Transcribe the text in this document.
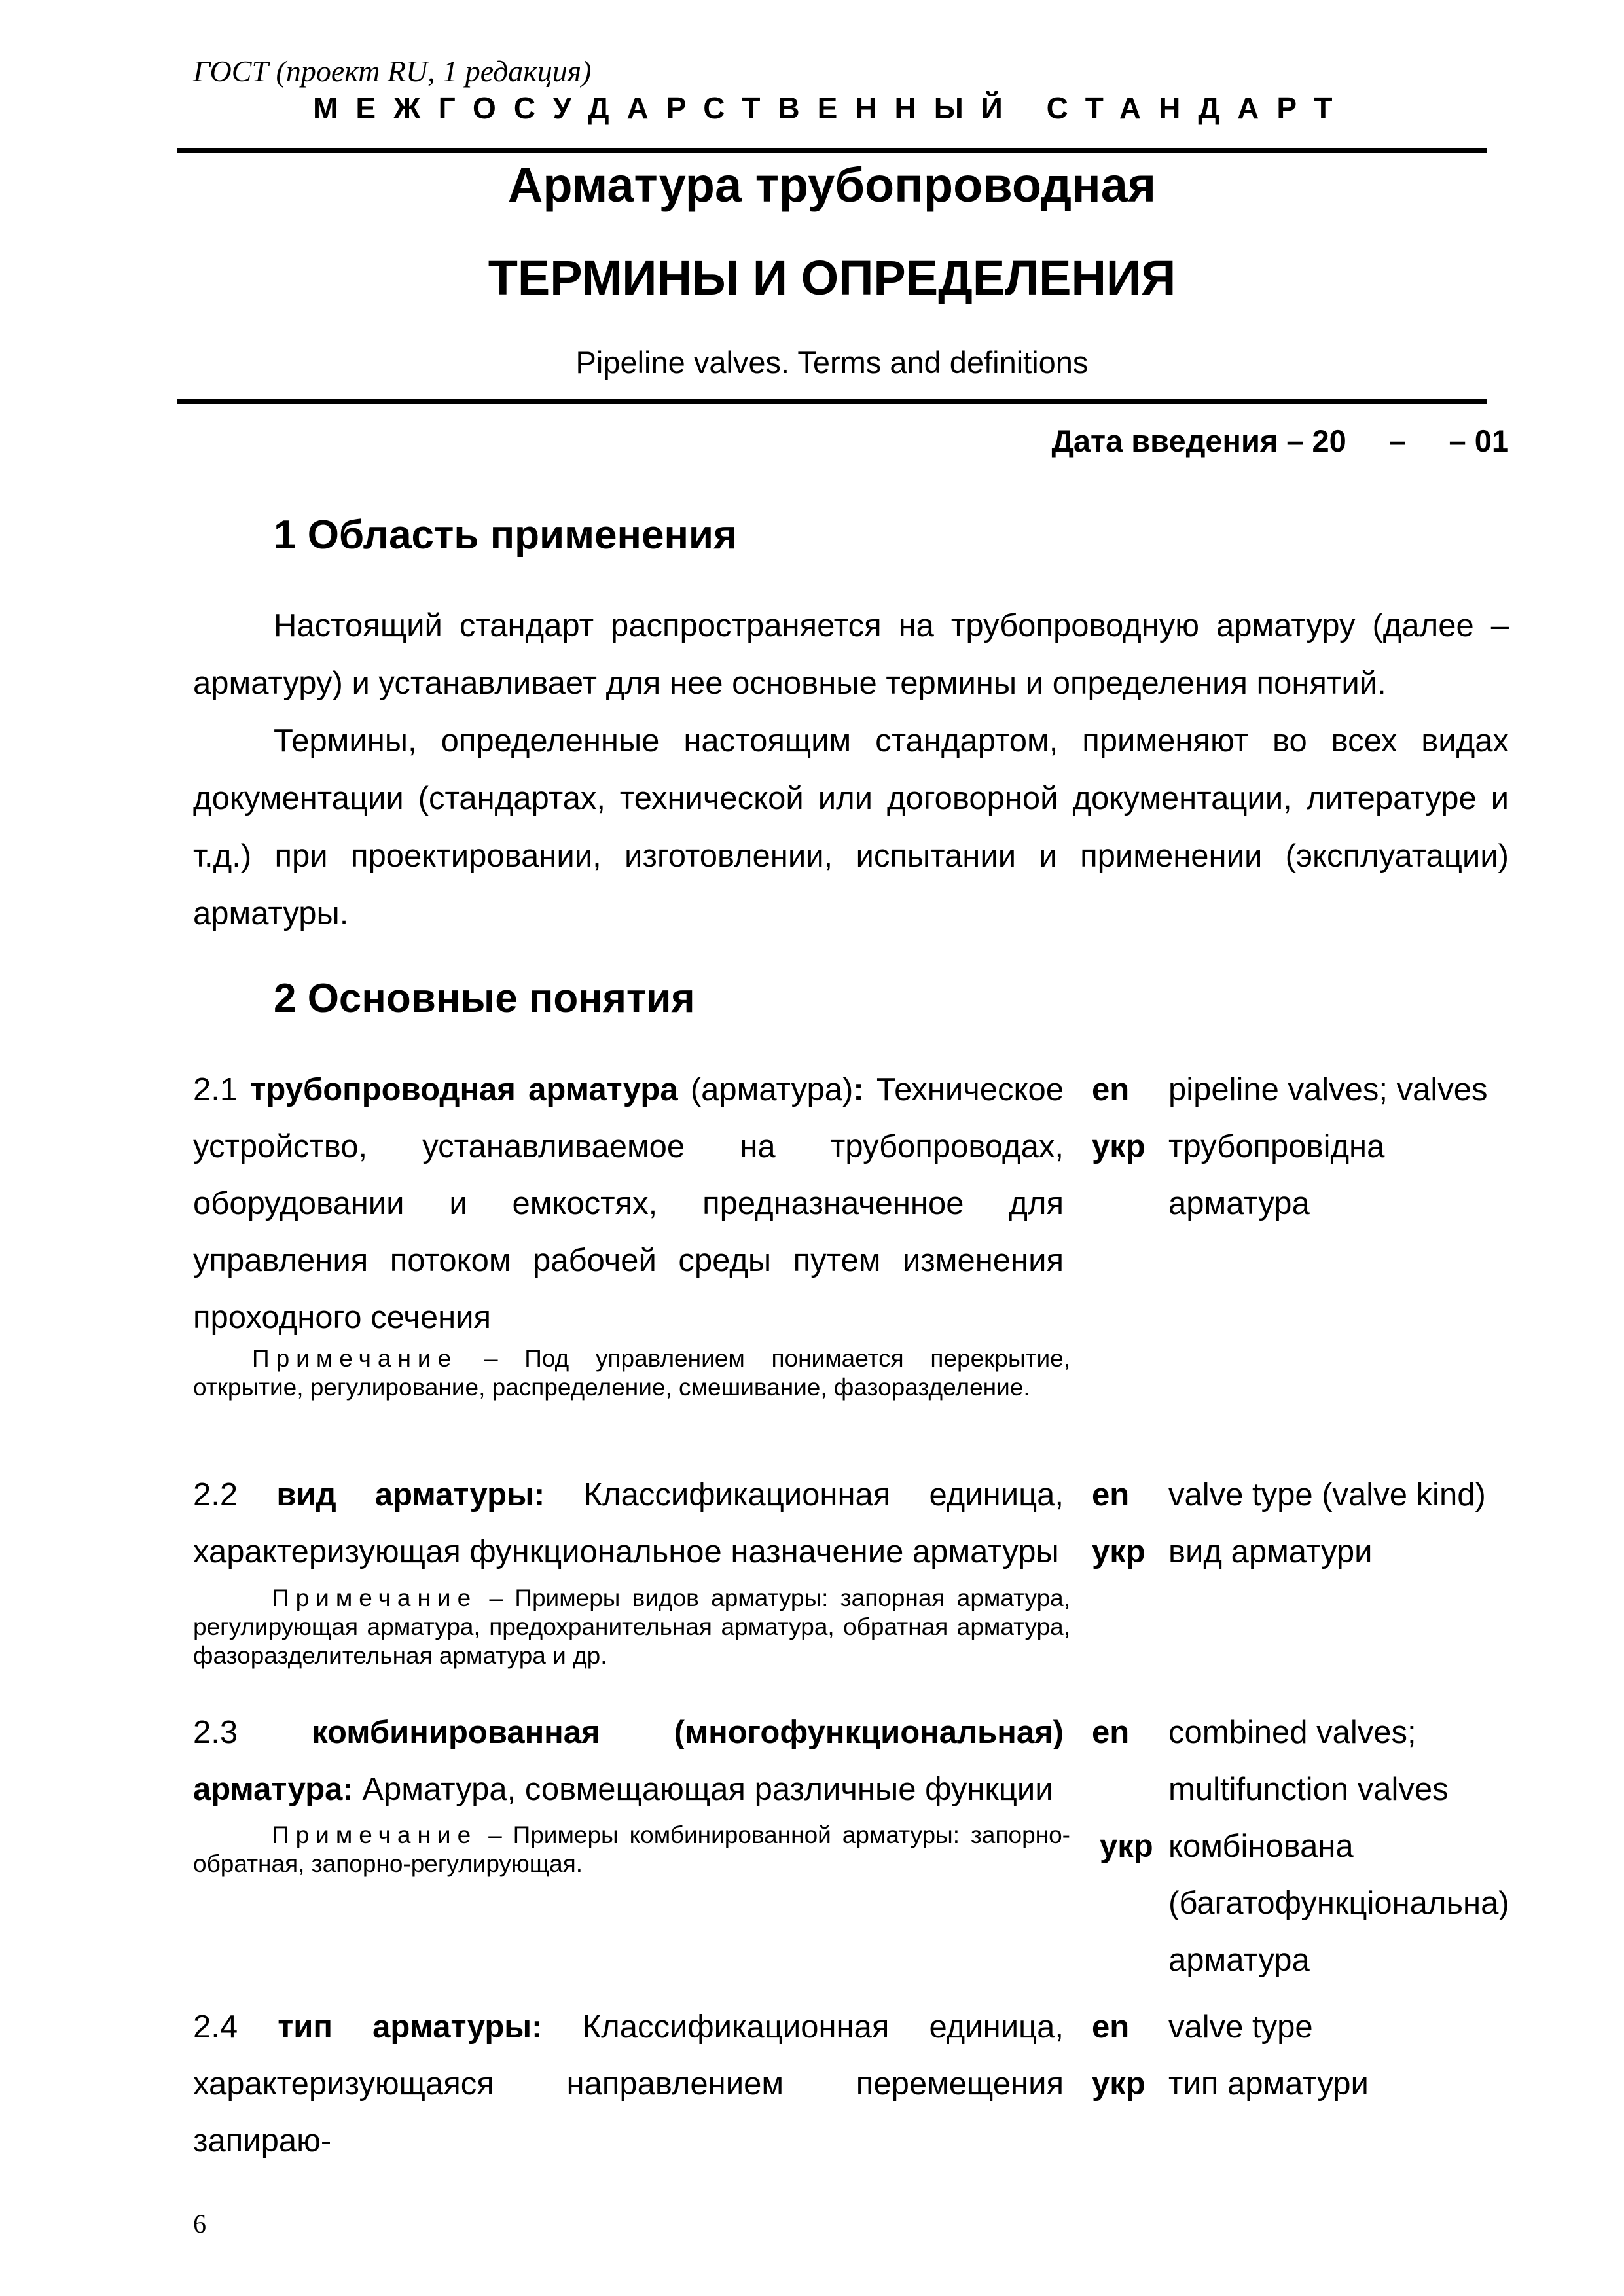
ГОСТ (проект RU, 1 редакция)
МЕЖГОСУДАРСТВЕННЫЙ СТАНДАРТ
Арматура трубопроводная
ТЕРМИНЫ И ОПРЕДЕЛЕНИЯ
Pipeline valves. Terms and definitions
Дата введения – 20     –     – 01
1 Область применения

Настоящий стандарт распространяется на трубопроводную арматуру (далее – арматуру) и устанавливает для нее основные термины и определения понятий.

Термины, определенные настоящим стандартом, применяют во всех видах документации (стандартах, технической или договорной документации, литературе и т.д.) при проектировании, изготовлении, испытании и применении (эксплуатации) арматуры.

2 Основные понятия
2.1 трубопроводная арматура (арматура): Техническое устройство, устанавливаемое на трубопроводах, оборудовании и емкостях, предназначенное для управления потоком рабочей среды путем изменения проходного сечения
Примечание – Под управлением понимается перекрытие, открытие, регулирование, распределение, смешивание, фазоразделение.
en	pipeline valves; valves
укр трубопровідна арматура
2.2 вид арматуры: Классификационная единица, характеризующая функциональное назначение арматуры
Примечание – Примеры видов арматуры: запорная арматура, регулирующая арматура, предохранительная арматура, обратная арматура, фазоразделительная арматура и др.
en	valve type (valve kind)
укр вид арматури
2.3 комбинированная (многофункциональная) арматура: Арматура, совмещающая различные функции
Примечание – Примеры комбинированной арматуры: запорно-обратная, запорно-регулирующая.
en	combined valves; multifunction valves
укр комбінована (багатофункціональна) арматура
2.4 тип арматуры: Классификационная единица, характеризующаяся направлением перемещения запираю-
en	valve type
укр тип арматури
6
